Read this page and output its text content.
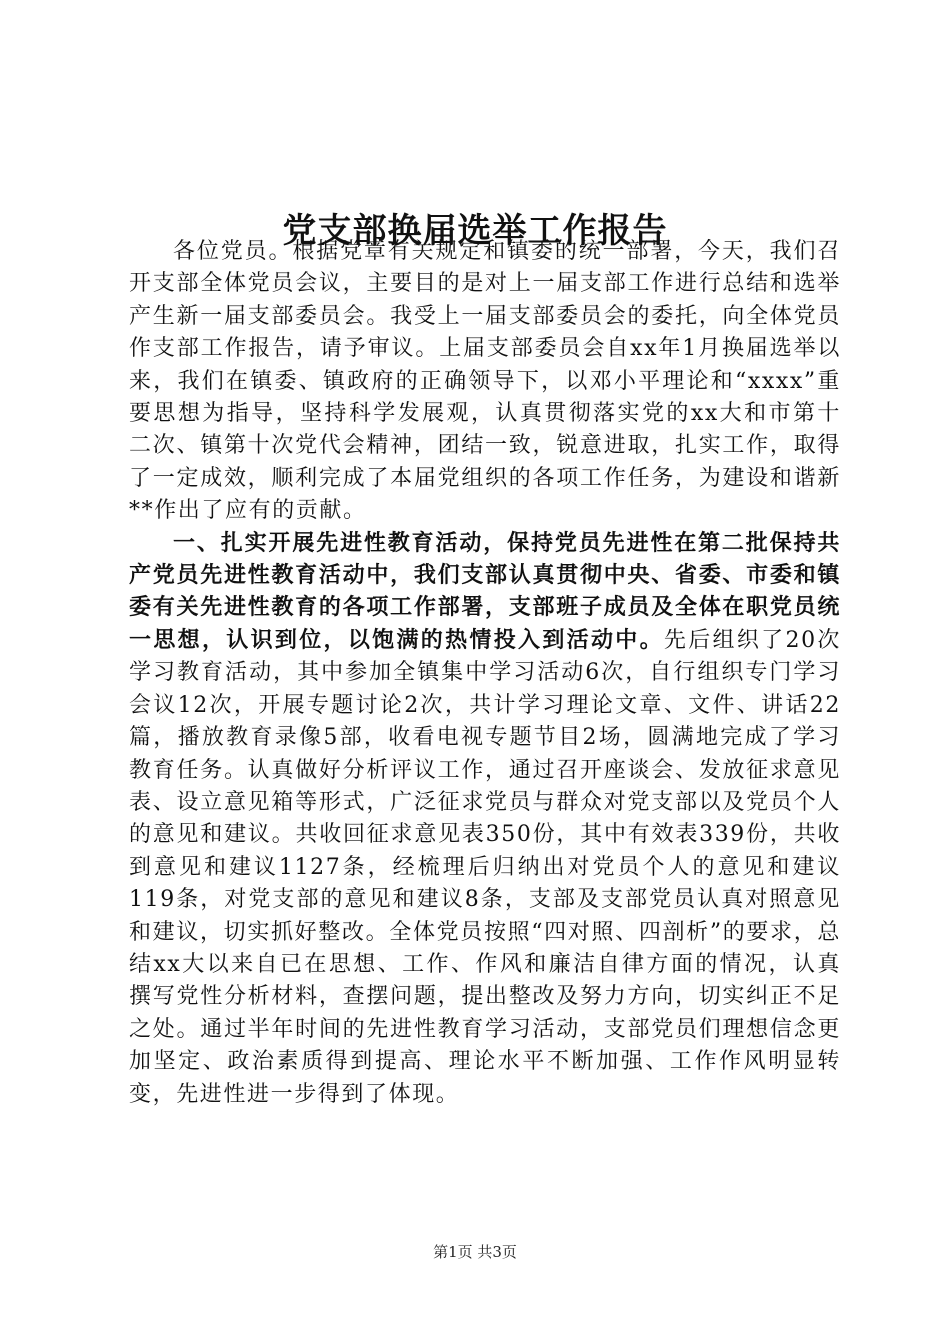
党支部换届选举工作报告

各位党员。根据党章有关规定和镇委的统一部署，今天，我们召开支部全体党员会议，主要目的是对上一届支部工作进行总结和选举产生新一届支部委员会。我受上一届支部委员会的委托，向全体党员作支部工作报告，请予审议。上届支部委员会自xx年1月换届选举以来，我们在镇委、镇政府的正确领导下，以邓小平理论和“xxxx”重要思想为指导，坚持科学发展观，认真贯彻落实党的xx大和市第十二次、镇第十次党代会精神，团结一致，锐意进取，扎实工作，取得了一定成效，顺利完成了本届党组织的各项工作任务，为建设和谐新**作出了应有的贡献。

一、扎实开展先进性教育活动，保持党员先进性在第二批保持共产党员先进性教育活动中，我们支部认真贯彻中央、省委、市委和镇委有关先进性教育的各项工作部署，支部班子成员及全体在职党员统一思想，认识到位，以饱满的热情投入到活动中。先后组织了20次学习教育活动，其中参加全镇集中学习活动6次，自行组织专门学习会议12次，开展专题讨论2次，共计学习理论文章、文件、讲话22篇，播放教育录像5部，收看电视专题节目2场，圆满地完成了学习教育任务。认真做好分析评议工作，通过召开座谈会、发放征求意见表、设立意见箱等形式，广泛征求党员与群众对党支部以及党员个人的意见和建议。共收回征求意见表350份，其中有效表339份，共收到意见和建议1127条，经梳理后归纳出对党员个人的意见和建议119条，对党支部的意见和建议8条，支部及支部党员认真对照意见和建议，切实抓好整改。全体党员按照“四对照、四剖析”的要求，总结xx大以来自已在思想、工作、作风和廉洁自律方面的情况，认真撰写党性分析材料，查摆问题，提出整改及努力方向，切实纠正不足之处。通过半年时间的先进性教育学习活动，支部党员们理想信念更加坚定、政治素质得到提高、理论水平不断加强、工作作风明显转变，先进性进一步得到了体现。

第1页 共3页
